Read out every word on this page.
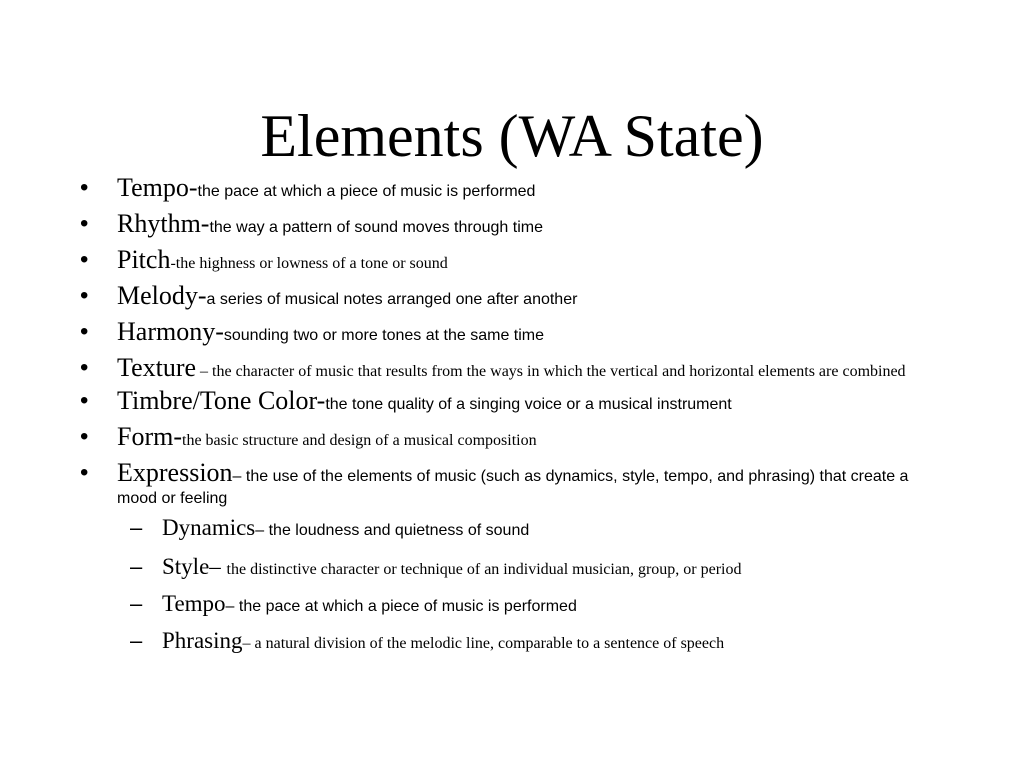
Elements (WA State)
• Tempo-the pace at which a piece of music is performed
• Rhythm-the way a pattern of sound moves through time
• Pitch-the highness or lowness of a tone or sound
• Melody-a series of musical notes arranged one after another
• Harmony-sounding two or more tones at the same time
• Texture – the character of music that results from the ways in which the vertical and horizontal elements are combined
• Timbre/Tone Color-the tone quality of a singing voice or a musical instrument
• Form-the basic structure and design of a musical composition
• Expression– the use of the elements of music (such as dynamics, style, tempo, and phrasing) that create a mood or feeling
– Dynamics– the loudness and quietness of sound
– Style– the distinctive character or technique of an individual musician, group, or period
– Tempo– the pace at which a piece of music is performed
– Phrasing– a natural division of the melodic line, comparable to a sentence of speech
